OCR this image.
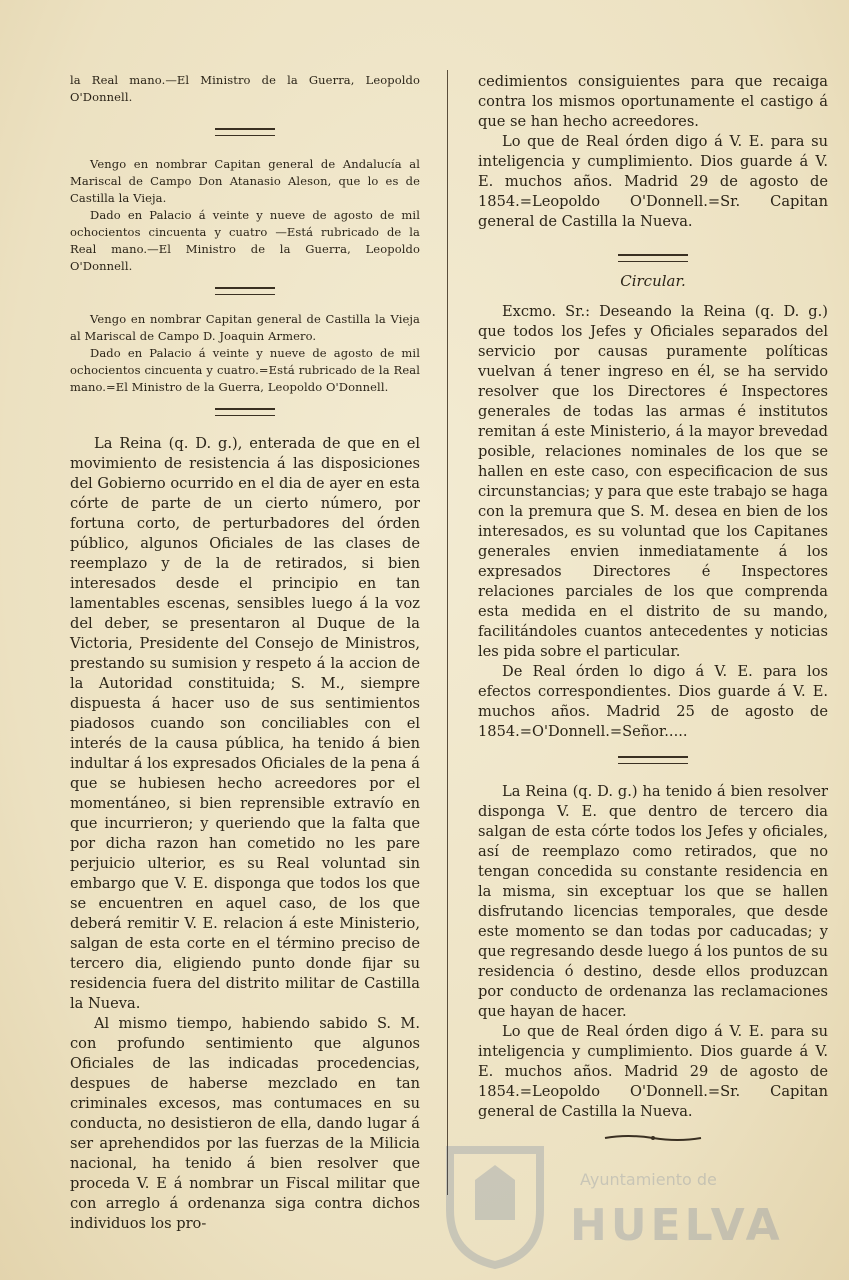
la Real mano.—El Ministro de la Guerra, Leopoldo O'Donnell.

Vengo en nombrar Capitan general de Andalucía al Mariscal de Campo Don Atanasio Aleson, que lo es de Castilla la Vieja.

Dado en Palacio á veinte y nueve de agosto de mil ochocientos cincuenta y cuatro —Está rubricado de la Real mano.—El Ministro de la Guerra, Leopoldo O'Donnell.

Vengo en nombrar Capitan general de Castilla la Vieja al Mariscal de Campo D. Joaquin Armero.

Dado en Palacio á veinte y nueve de agosto de mil ochocientos cincuenta y cuatro.=Está rubricado de la Real mano.=El Ministro de la Guerra, Leopoldo O'Donnell.

La Reina (q. D. g.), enterada de que en el movimiento de resistencia á las disposiciones del Gobierno ocurrido en el dia de ayer en esta córte de parte de un cierto número, por fortuna corto, de perturbadores del órden público, algunos Oficiales de las clases de reemplazo y de la de retirados, si bien interesados desde el principio en tan lamentables escenas, sensibles luego á la voz del deber, se presentaron al Duque de la Victoria, Presidente del Consejo de Ministros, prestando su sumision y respeto á la accion de la Autoridad constituida; S. M., siempre dispuesta á hacer uso de sus sentimientos piadosos cuando son conciliables con el interés de la causa pública, ha tenido á bien indultar á los expresados Oficiales de la pena á que se hubiesen hecho acreedores por el momentáneo, si bien reprensible extravío en que incurrieron; y queriendo que la falta que por dicha razon han cometido no les pare perjuicio ulterior, es su Real voluntad sin embargo que V. E. disponga que todos los que se encuentren en aquel caso, de los que deberá remitir V. E. relacion á este Ministerio, salgan de esta corte en el término preciso de tercero dia, eligiendo punto donde fijar su residencia fuera del distrito militar de Castilla la Nueva.

Al mismo tiempo, habiendo sabido S. M. con profundo sentimiento que algunos Oficiales de las indicadas procedencias, despues de haberse mezclado en tan criminales excesos, mas contumaces en su conducta, no desistieron de ella, dando lugar á ser aprehendidos por las fuerzas de la Milicia nacional, ha tenido á bien resolver que proceda V. E á nombrar un Fiscal militar que con arreglo á ordenanza siga contra dichos individuos los pro-

cedimientos consiguientes para que recaiga contra los mismos oportunamente el castigo á que se han hecho acreedores.

Lo que de Real órden digo á V. E. para su inteligencia y cumplimiento. Dios guarde á V. E. muchos años. Madrid 29 de agosto de 1854.=Leopoldo O'Donnell.=Sr. Capitan general de Castilla la Nueva.

Circular.

Excmo. Sr.: Deseando la Reina (q. D. g.) que todos los Jefes y Oficiales separados del servicio por causas puramente políticas vuelvan á tener ingreso en él, se ha servido resolver que los Directores é Inspectores generales de todas las armas é institutos remitan á este Ministerio, á la mayor brevedad posible, relaciones nominales de los que se hallen en este caso, con especificacion de sus circunstancias; y para que este trabajo se haga con la premura que S. M. desea en bien de los interesados, es su voluntad que los Capitanes generales envien inmediatamente á los expresados Directores é Inspectores relaciones parciales de los que comprenda esta medida en el distrito de su mando, facilitándoles cuantos antecedentes y noticias les pida sobre el particular.

De Real órden lo digo á V. E. para los efectos correspondientes. Dios guarde á V. E. muchos años. Madrid 25 de agosto de 1854.=O'Donnell.=Señor.....

La Reina (q. D. g.) ha tenido á bien resolver disponga V. E. que dentro de tercero dia salgan de esta córte todos los Jefes y oficiales, así de reemplazo como retirados, que no tengan concedida su constante residencia en la misma, sin exceptuar los que se hallen disfrutando licencias temporales, que desde este momento se dan todas por caducadas; y que regresando desde luego á los puntos de su residencia ó destino, desde ellos produzcan por conducto de ordenanza las reclamaciones que hayan de hacer.

Lo que de Real órden digo á V. E. para su inteligencia y cumplimiento. Dios guarde á V. E. muchos años. Madrid 29 de agosto de 1854.=Leopoldo O'Donnell.=Sr. Capitan general de Castilla la Nueva.

Ayuntamiento de
HUELVA
